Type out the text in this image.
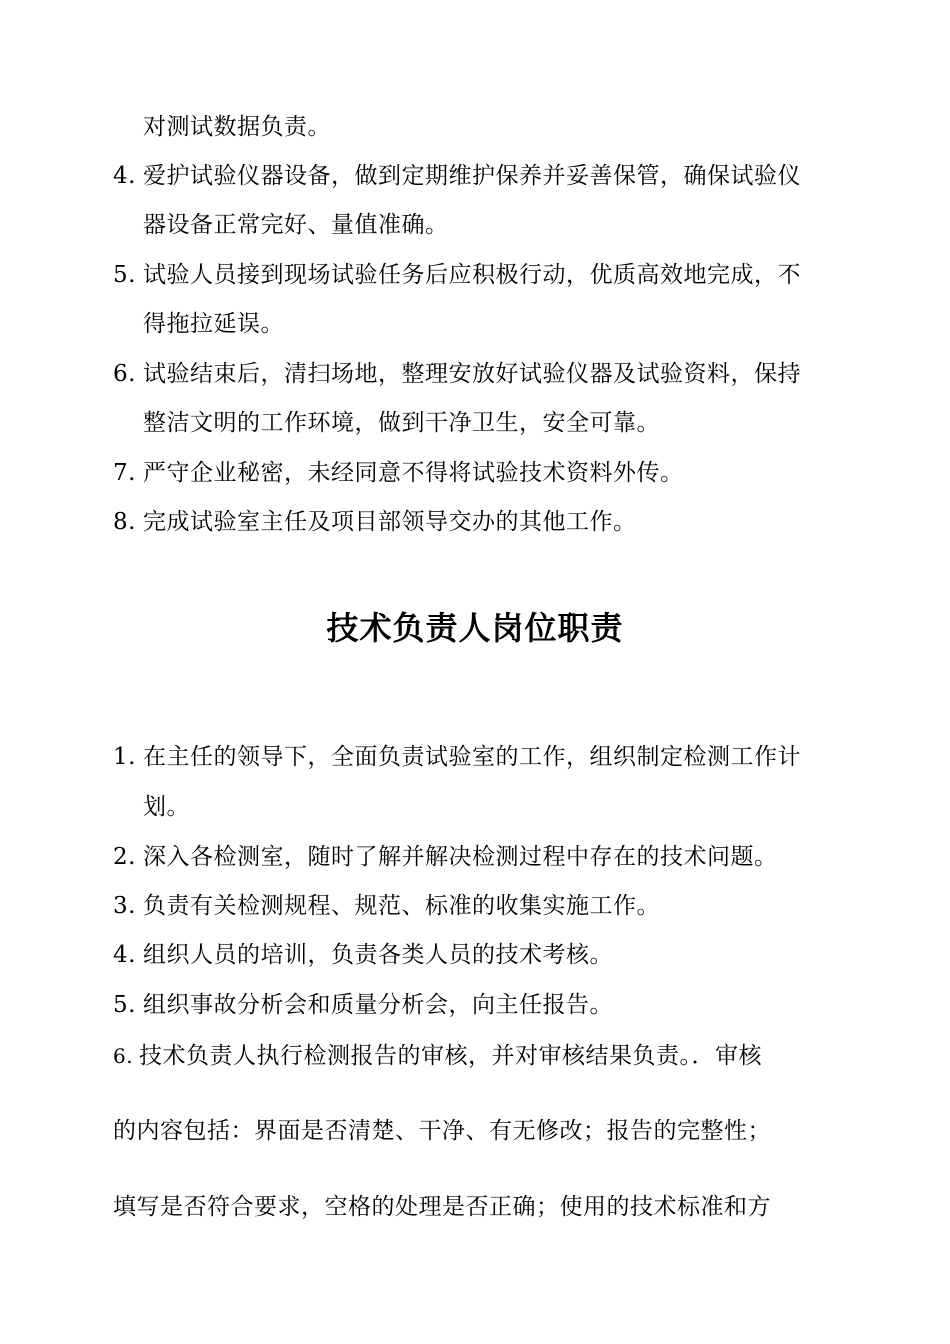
对测试数据负责。
4. 爱护试验仪器设备，做到定期维护保养并妥善保管，确保试验仪
器设备正常完好、量值准确。
5. 试验人员接到现场试验任务后应积极行动，优质高效地完成，不
得拖拉延误。
6. 试验结束后，清扫场地，整理安放好试验仪器及试验资料，保持
整洁文明的工作环境，做到干净卫生，安全可靠。
7. 严守企业秘密，未经同意不得将试验技术资料外传。
8. 完成试验室主任及项目部领导交办的其他工作。
技术负责人岗位职责
1. 在主任的领导下，全面负责试验室的工作，组织制定检测工作计
划。
2. 深入各检测室，随时了解并解决检测过程中存在的技术问题。
3. 负责有关检测规程、规范、标准的收集实施工作。
4. 组织人员的培训，负责各类人员的技术考核。
5. 组织事故分析会和质量分析会，向主任报告。
6. 技术负责人执行检测报告的审核，并对审核结果负责。．审核
的内容包括：界面是否清楚、干净、有无修改；报告的完整性；
填写是否符合要求，空格的处理是否正确；使用的技术标准和方
